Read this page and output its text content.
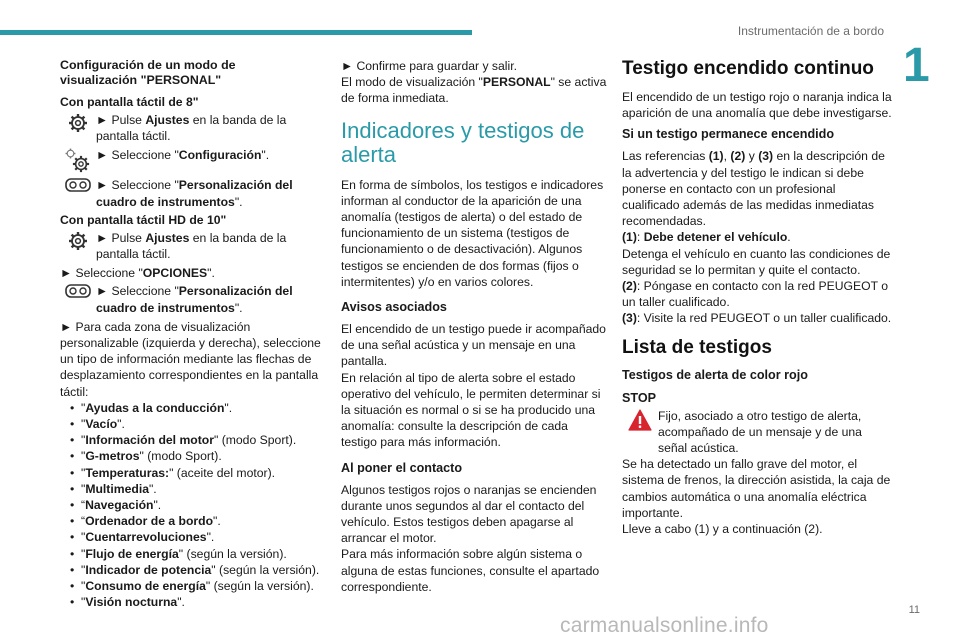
Instrumentación de a bordo
1
Configuración de un modo de
visualización "PERSONAL"
Con pantalla táctil de 8"
► Pulse Ajustes en la banda de la pantalla táctil.
► Seleccione "Configuración".
► Seleccione "Personalización del cuadro de instrumentos".
Con pantalla táctil HD de 10"
► Pulse Ajustes en la banda de la pantalla táctil.

► Seleccione "OPCIONES".

► Seleccione "Personalización del cuadro de instrumentos".

► Para cada zona de visualización personalizable (izquierda y derecha), seleccione un tipo de información mediante las flechas de desplazamiento correspondientes en la pantalla táctil:

• "Ayudas a la conducción".
• "Vacío".
• "Información del motor" (modo Sport).
• "G-metros" (modo Sport).
• "Temperaturas:" (aceite del motor).
• "Multimedia".
• “Navegación".
• “Ordenador de a bordo".
• "Cuentarrevoluciones".
• "Flujo de energía" (según la versión).
• "Indicador de potencia" (según la versión).
• "Consumo de energía" (según la versión).
• "Visión nocturna".

► Confirme para guardar y salir.

El modo de visualización "PERSONAL" se activa de forma inmediata.

Indicadores y testigos de alerta

En forma de símbolos, los testigos e indicadores informan al conductor de la aparición de una anomalía (testigos de alerta) o del estado de funcionamiento de un sistema (testigos de funcionamiento o de desactivación). Algunos testigos se encienden de dos formas (fijos o intermitentes) y/o en varios colores.

Avisos asociados

El encendido de un testigo puede ir acompañado de una señal acústica y un mensaje en una pantalla.

En relación al tipo de alerta sobre el estado operativo del vehículo, le permiten determinar si la situación es normal o si se ha producido una anomalía: consulte la descripción de cada testigo para más información.

Al poner el contacto

Algunos testigos rojos o naranjas se encienden durante unos segundos al dar el contacto del vehículo. Estos testigos deben apagarse al arrancar el motor.

Para más información sobre algún sistema o alguna de estas funciones, consulte el apartado correspondiente.

Testigo encendido continuo

El encendido de un testigo rojo o naranja indica la aparición de una anomalía que debe investigarse.

Si un testigo permanece encendido

Las referencias (1), (2) y (3) en la descripción de la advertencia y del testigo le indican si debe ponerse en contacto con un profesional cualificado además de las medidas inmediatas recomendadas.

(1): Debe detener el vehículo.

Detenga el vehículo en cuanto las condiciones de seguridad se lo permitan y quite el contacto.

(2): Póngase en contacto con la red PEUGEOT o un taller cualificado.

(3): Visite la red PEUGEOT o un taller cualificado.

Lista de testigos
Testigos de alerta de color rojo
STOP
Fijo, asociado a otro testigo de alerta, acompañado de un mensaje y de una señal acústica.

Se ha detectado un fallo grave del motor, el sistema de frenos, la dirección asistida, la caja de cambios automática o una anomalía eléctrica importante.

Lleve a cabo (1) y a continuación (2).

11
carmanualsonline.info
